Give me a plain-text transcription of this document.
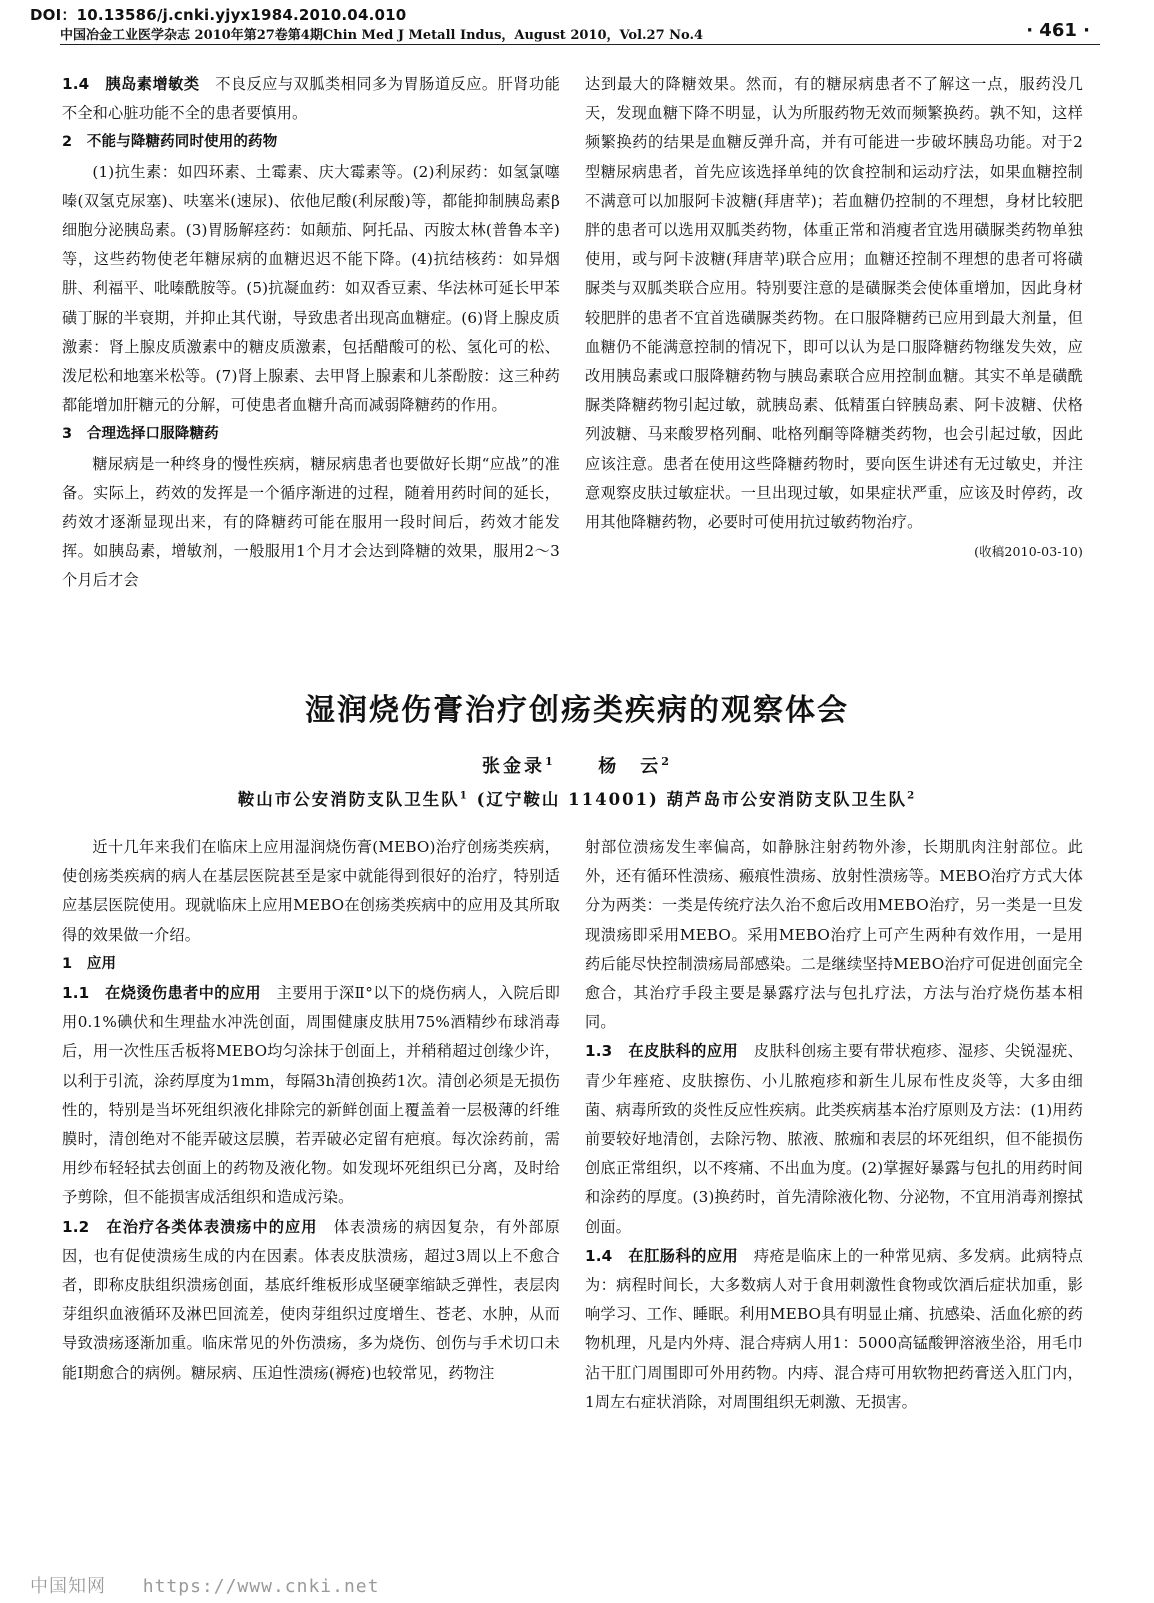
DOI：10.13586/j.cnki.yjyx1984.2010.04.010
中国冶金工业医学杂志 2010年第27卷第4期Chin Med J Metall Indus，August 2010，Vol.27 No.4	· 461 ·

1.4　胰岛素增敏类　不良反应与双胍类相同多为胃肠道反应。肝肾功能不全和心脏功能不全的患者要慎用。

2　不能与降糖药同时使用的药物

(1)抗生素：如四环素、土霉素、庆大霉素等。(2)利尿药：如氢氯噻嗪(双氢克尿塞)、呋塞米(速尿)、依他尼酸(利尿酸)等，都能抑制胰岛素β细胞分泌胰岛素。(3)胃肠解痉药：如颠茄、阿托品、丙胺太林(普鲁本辛)等，这些药物使老年糖尿病的血糖迟迟不能下降。(4)抗结核药：如异烟肼、利福平、吡嗪酰胺等。(5)抗凝血药：如双香豆素、华法林可延长甲苯磺丁脲的半衰期，并抑止其代谢，导致患者出现高血糖症。(6)肾上腺皮质激素：肾上腺皮质激素中的糖皮质激素，包括醋酸可的松、氢化可的松、泼尼松和地塞米松等。(7)肾上腺素、去甲肾上腺素和儿茶酚胺：这三种药都能增加肝糖元的分解，可使患者血糖升高而减弱降糖药的作用。

3　合理选择口服降糖药

糖尿病是一种终身的慢性疾病，糖尿病患者也要做好长期“应战”的准备。实际上，药效的发挥是一个循序渐进的过程，随着用药时间的延长，药效才逐渐显现出来，有的降糖药可能在服用一段时间后，药效才能发挥。如胰岛素，增敏剂，一般服用1个月才会达到降糖的效果，服用2～3个月后才会

达到最大的降糖效果。然而，有的糖尿病患者不了解这一点，服药没几天，发现血糖下降不明显，认为所服药物无效而频繁换药。孰不知，这样频繁换药的结果是血糖反弹升高，并有可能进一步破坏胰岛功能。对于2型糖尿病患者，首先应该选择单纯的饮食控制和运动疗法，如果血糖控制不满意可以加服阿卡波糖(拜唐苹)；若血糖仍控制的不理想，身材比较肥胖的患者可以选用双胍类药物，体重正常和消瘦者宜选用磺脲类药物单独使用，或与阿卡波糖(拜唐苹)联合应用；血糖还控制不理想的患者可将磺脲类与双胍类联合应用。特别要注意的是磺脲类会使体重增加，因此身材较肥胖的患者不宜首选磺脲类药物。在口服降糖药已应用到最大剂量，但血糖仍不能满意控制的情况下，即可以认为是口服降糖药物继发失效，应改用胰岛素或口服降糖药物与胰岛素联合应用控制血糖。其实不单是磺酰脲类降糖药物引起过敏，就胰岛素、低精蛋白锌胰岛素、阿卡波糖、伏格列波糖、马来酸罗格列酮、吡格列酮等降糖类药物，也会引起过敏，因此应该注意。患者在使用这些降糖药物时，要向医生讲述有无过敏史，并注意观察皮肤过敏症状。一旦出现过敏，如果症状严重，应该及时停药，改用其他降糖药物，必要时可使用抗过敏药物治疗。

(收稿2010-03-10)

湿润烧伤膏治疗创疡类疾病的观察体会
张金录$^1$ 杨　云$^2$
鞍山市公安消防支队卫生队$^1$ (辽宁鞍山 114001) 葫芦岛市公安消防支队卫生队$^2$

近十几年来我们在临床上应用湿润烧伤膏(MEBO)治疗创疡类疾病，使创疡类疾病的病人在基层医院甚至是家中就能得到很好的治疗，特别适应基层医院使用。现就临床上应用MEBO在创疡类疾病中的应用及其所取得的效果做一介绍。

1　应用

1.1　在烧烫伤患者中的应用　主要用于深Ⅱ°以下的烧伤病人，入院后即用0.1%碘伏和生理盐水冲洗创面，周围健康皮肤用75%酒精纱布球消毒后，用一次性压舌板将MEBO均匀涂抹于创面上，并稍稍超过创缘少许，以利于引流，涂药厚度为1mm，每隔3h清创换药1次。清创必须是无损伤性的，特别是当坏死组织液化排除完的新鲜创面上覆盖着一层极薄的纤维膜时，清创绝对不能弄破这层膜，若弄破必定留有疤痕。每次涂药前，需用纱布轻轻拭去创面上的药物及液化物。如发现坏死组织已分离，及时给予剪除，但不能损害成活组织和造成污染。

1.2　在治疗各类体表溃疡中的应用　体表溃疡的病因复杂，有外部原因，也有促使溃疡生成的内在因素。体表皮肤溃疡，超过3周以上不愈合者，即称皮肤组织溃疡创面，基底纤维板形成坚硬挛缩缺乏弹性，表层肉芽组织血液循环及淋巴回流差，使肉芽组织过度增生、苍老、水肿，从而导致溃疡逐渐加重。临床常见的外伤溃疡，多为烧伤、创伤与手术切口未能Ⅰ期愈合的病例。糖尿病、压迫性溃疡(褥疮)也较常见，药物注

射部位溃疡发生率偏高，如静脉注射药物外渗，长期肌肉注射部位。此外，还有循环性溃疡、瘢痕性溃疡、放射性溃疡等。MEBO治疗方式大体分为两类：一类是传统疗法久治不愈后改用MEBO治疗，另一类是一旦发现溃疡即采用MEBO。采用MEBO治疗上可产生两种有效作用，一是用药后能尽快控制溃疡局部感染。二是继续坚持MEBO治疗可促进创面完全愈合，其治疗手段主要是暴露疗法与包扎疗法，方法与治疗烧伤基本相同。

1.3　在皮肤科的应用　皮肤科创疡主要有带状疱疹、湿疹、尖锐湿疣、青少年痤疮、皮肤擦伤、小儿脓疱疹和新生儿尿布性皮炎等，大多由细菌、病毒所致的炎性反应性疾病。此类疾病基本治疗原则及方法：(1)用药前要较好地清创，去除污物、脓液、脓痂和表层的坏死组织，但不能损伤创底正常组织，以不疼痛、不出血为度。(2)掌握好暴露与包扎的用药时间和涂药的厚度。(3)换药时，首先清除液化物、分泌物，不宜用消毒剂擦拭创面。

1.4　在肛肠科的应用　痔疮是临床上的一种常见病、多发病。此病特点为：病程时间长，大多数病人对于食用刺激性食物或饮酒后症状加重，影响学习、工作、睡眠。利用MEBO具有明显止痛、抗感染、活血化瘀的药物机理，凡是内外痔、混合痔病人用1：5000高锰酸钾溶液坐浴，用毛巾沾干肛门周围即可外用药物。内痔、混合痔可用软物把药膏送入肛门内，1周左右症状消除，对周围组织无刺激、无损害。

中国知网 https://www.cnki.net
